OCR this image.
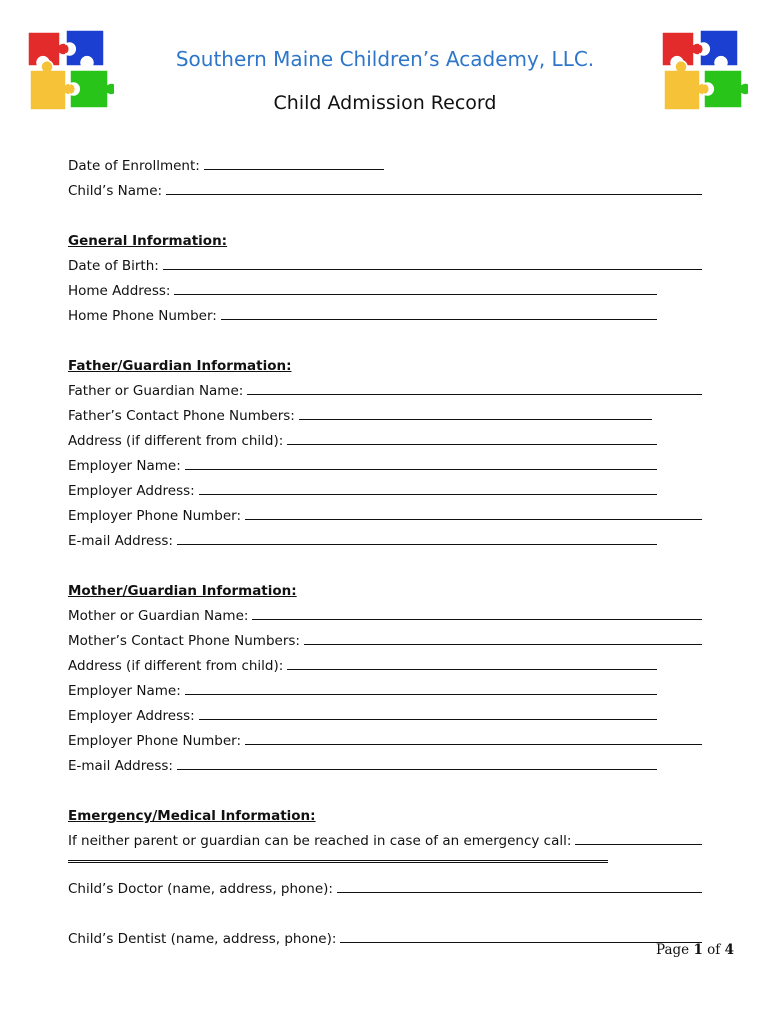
Southern Maine Children’s Academy, LLC.
Child Admission Record
Date of Enrollment:
Child’s Name:
General Information:
Date of Birth:
Home Address:
Home Phone Number:
Father/Guardian Information:
Father or Guardian Name:
Father’s Contact Phone Numbers:
Address (if different from child):
Employer Name:
Employer Address:
Employer Phone Number:
E-mail Address:
Mother/Guardian Information:
Mother or Guardian Name:
Mother’s Contact Phone Numbers:
Address (if different from child):
Employer Name:
Employer Address:
Employer Phone Number:
E-mail Address:
Emergency/Medical Information:
If neither parent or guardian can be reached in case of an emergency call:
Child’s Doctor (name, address, phone):
Child’s Dentist (name, address, phone):
Page 1 of 4
